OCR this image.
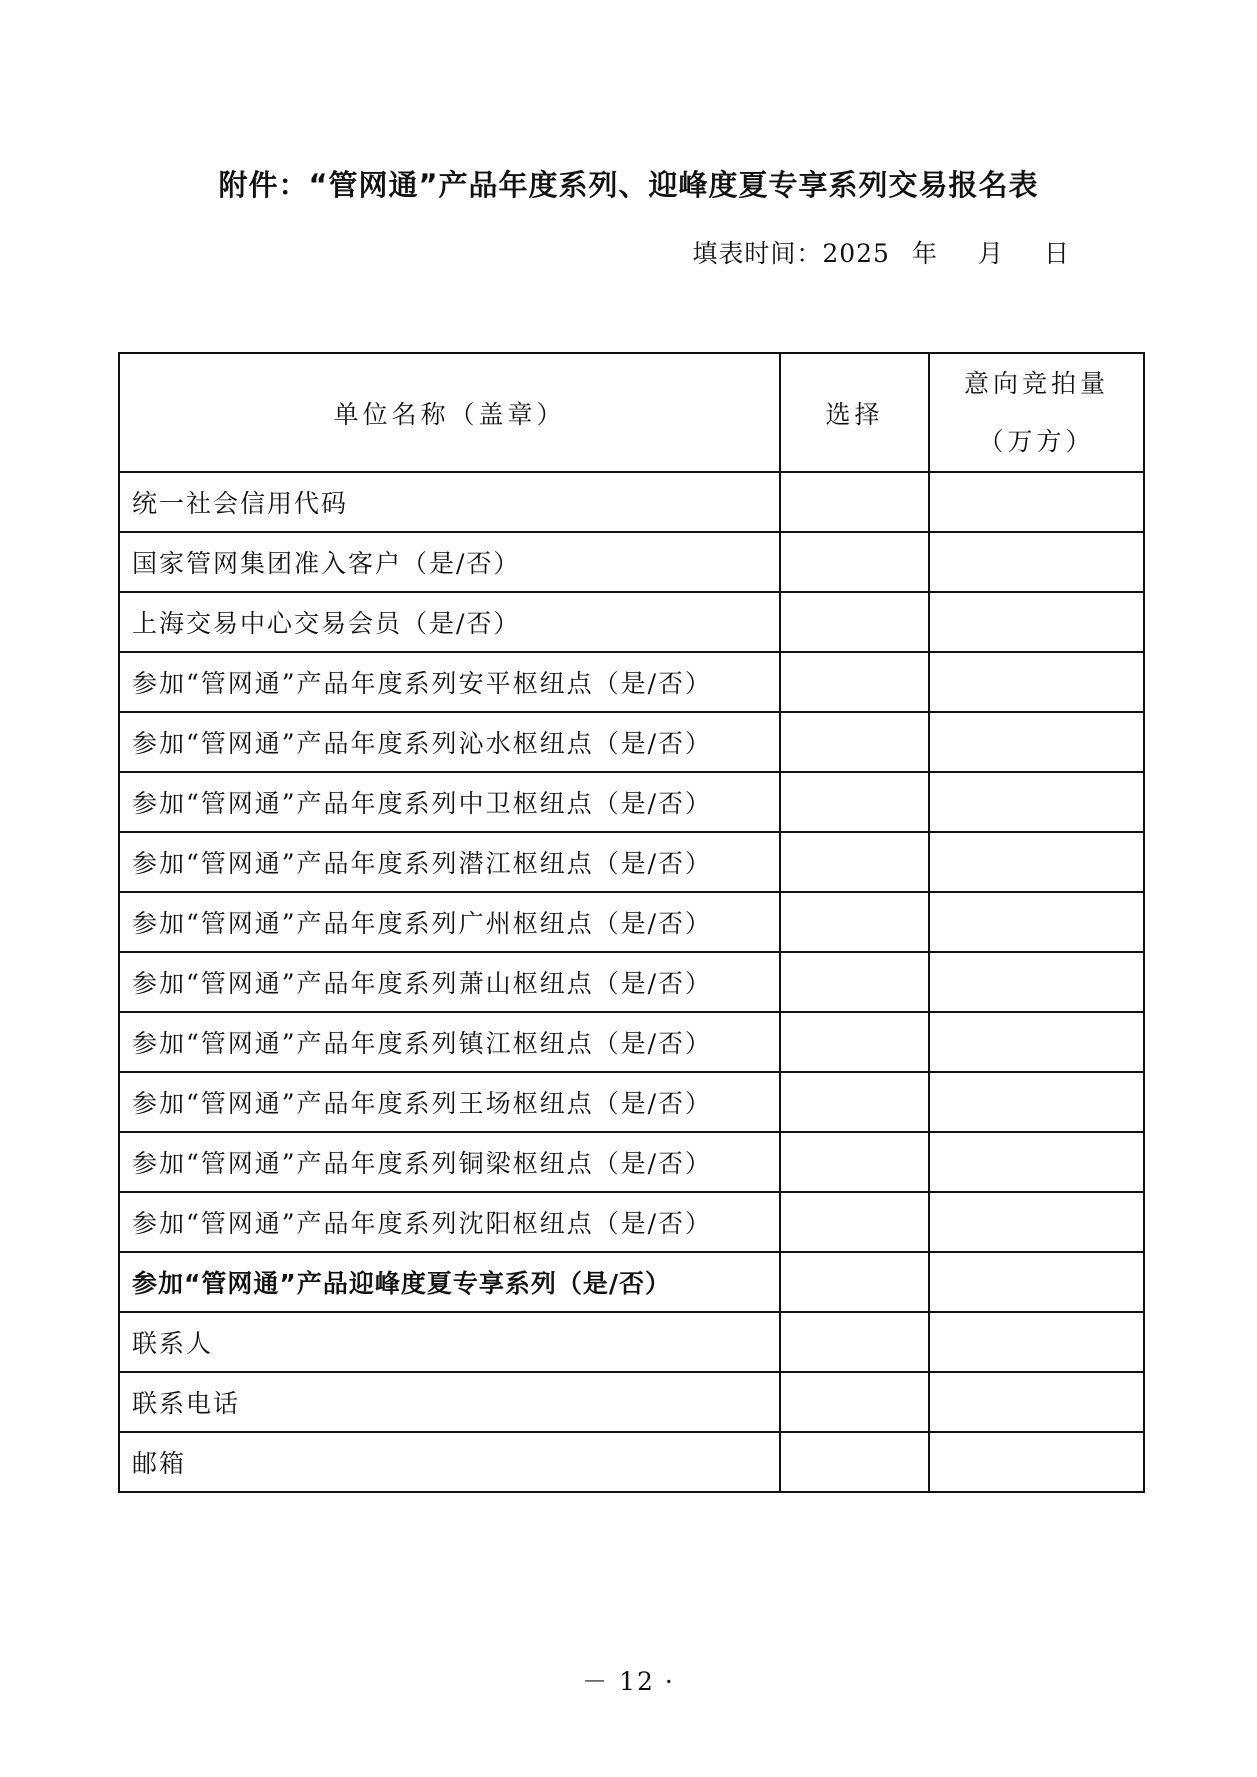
附件：“管网通”产品年度系列、迎峰度夏专享系列交易报名表
填表时间：2025 年 月 日
单位名称（盖章）	选择	意向竞拍量
（万方）

统一社会信用代码		
国家管网集团准入客户（是/否）		
上海交易中心交易会员（是/否）		
参加“管网通”产品年度系列安平枢纽点（是/否）		
参加“管网通”产品年度系列沁水枢纽点（是/否）		
参加“管网通”产品年度系列中卫枢纽点（是/否）		
参加“管网通”产品年度系列潜江枢纽点（是/否）		
参加“管网通”产品年度系列广州枢纽点（是/否）		
参加“管网通”产品年度系列萧山枢纽点（是/否）		
参加“管网通”产品年度系列镇江枢纽点（是/否）		
参加“管网通”产品年度系列王场枢纽点（是/否）		
参加“管网通”产品年度系列铜梁枢纽点（是/否）		
参加“管网通”产品年度系列沈阳枢纽点（是/否）		
参加“管网通”产品迎峰度夏专享系列（是/否）		
联系人		
联系电话		
邮箱		
－ 12 ·
